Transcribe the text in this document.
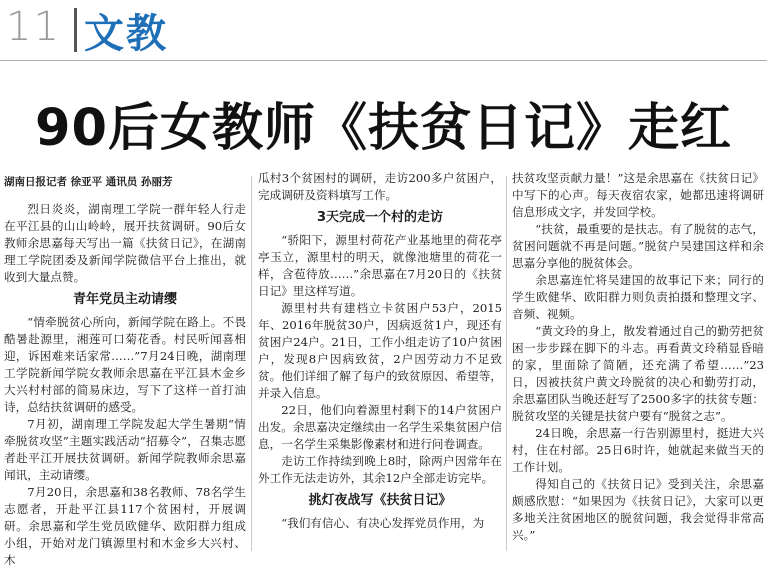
11 文教
90后女教师《扶贫日记》走红
湖南日报记者 徐亚平 通讯员 孙丽芳

烈日炎炎，湖南理工学院一群年轻人行走在平江县的山山岭岭，展开扶贫调研。90后女教师余思嘉每天写出一篇《扶贫日记》，在湖南理工学院团委及新闻学院微信平台上推出，就收到大量点赞。

青年党员主动请缨

“情牵脱贫心所向，新闻学院在路上。不畏酷暑赴源里，湘莲可口菊花香。村民听闻喜相迎，诉困难来话家常……”7月24日晚，湖南理工学院新闻学院女教师余思嘉在平江县木金乡大兴村村部的简易床边，写下了这样一首打油诗，总结扶贫调研的感受。

7月初，湖南理工学院发起大学生暑期“情牵脱贫攻坚”主题实践活动“招募令”，召集志愿者赴平江开展扶贫调研。新闻学院教师余思嘉闻讯，主动请缨。

7月20日，余思嘉和38名教师、78名学生志愿者，开赴平江县117个贫困村，开展调研。余思嘉和学生党员欧健华、欧阳群力组成小组，开始对龙门镇源里村和木金乡大兴村、木

瓜村3个贫困村的调研，走访200多户贫困户，完成调研及资料填写工作。

3天完成一个村的走访

“骄阳下，源里村荷花产业基地里的荷花亭亭玉立，源里村的明天，就像池塘里的荷花一样，含苞待放……”余思嘉在7月20日的《扶贫日记》里这样写道。

源里村共有建档立卡贫困户53户，2015年、2016年脱贫30户，因病返贫1户，现还有贫困户24户。21日，工作小组走访了10户贫困户，发现8户因病致贫，2户因劳动力不足致贫。他们详细了解了每户的致贫原因、希望等，并录入信息。

22日，他们向着源里村剩下的14户贫困户出发。余思嘉决定继续由一名学生采集贫困户信息，一名学生采集影像素材和进行问卷调查。

走访工作持续到晚上8时，除两户因常年在外工作无法走访外，其余12户全部走访完毕。

挑灯夜战写《扶贫日记》

“我们有信心、有决心发挥党员作用，为

扶贫攻坚贡献力量！”这是余思嘉在《扶贫日记》中写下的心声。每天夜宿农家，她都迅速将调研信息形成文字，并发回学校。

“扶贫，最重要的是扶志。有了脱贫的志气，贫困问题就不再是问题。”脱贫户吴建国这样和余思嘉分享他的脱贫体会。

余思嘉连忙将吴建国的故事记下来；同行的学生欧健华、欧阳群力则负责拍摄和整理文字、音频、视频。

“黄文玲的身上，散发着通过自己的勤劳把贫困一步步踩在脚下的斗志。再看黄文玲稍显昏暗的家，里面除了简陋，还充满了希望……”23日，因被扶贫户黄文玲脱贫的决心和勤劳打动，余思嘉团队当晚还赶写了2500多字的扶贫专题：脱贫攻坚的关键是扶贫户要有“脱贫之志”。

24日晚，余思嘉一行告别源里村，挺进大兴村，住在村部。25日6时许，她就起来做当天的工作计划。

得知自己的《扶贫日记》受到关注，余思嘉颇感欣慰：“如果因为《扶贫日记》，大家可以更多地关注贫困地区的脱贫问题，我会觉得非常高兴。”
